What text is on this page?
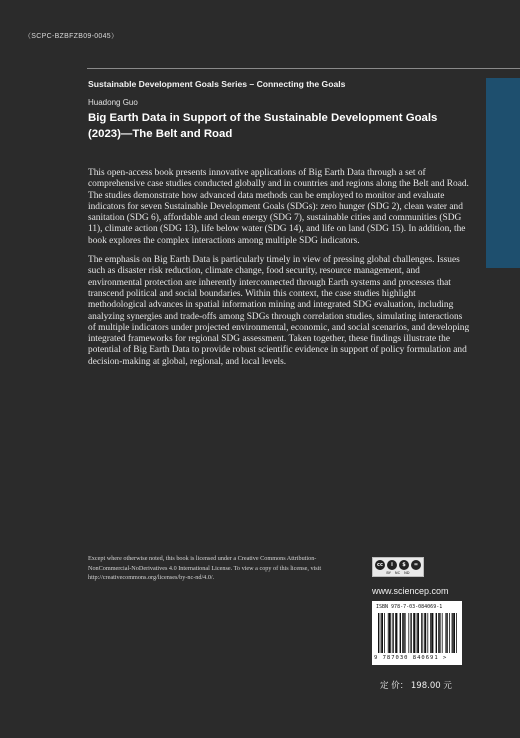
（SCPC-BZBFZB09-0045）
Sustainable Development Goals Series – Connecting the Goals
Huadong Guo
Big Earth Data in Support of the Sustainable Development Goals (2023)—The Belt and Road

This open-access book presents innovative applications of Big Earth Data through a set of comprehensive case studies conducted globally and in countries and regions along the Belt and Road. The studies demonstrate how advanced data methods can be employed to monitor and evaluate indicators for seven Sustainable Development Goals (SDGs): zero hunger (SDG 2), clean water and sanitation (SDG 6), affordable and clean energy (SDG 7), sustainable cities and communities (SDG 11), climate action (SDG 13), life below water (SDG 14), and life on land (SDG 15). In addition, the book explores the complex interactions among multiple SDG indicators.

The emphasis on Big Earth Data is particularly timely in view of pressing global challenges. Issues such as disaster risk reduction, climate change, food security, resource management, and environmental protection are inherently interconnected through Earth systems and processes that transcend political and social boundaries. Within this context, the case studies highlight methodological advances in spatial information mining and integrated SDG evaluation, including analyzing synergies and trade-offs among SDGs through correlation studies, simulating interactions of multiple indicators under projected environmental, economic, and social scenarios, and developing integrated frameworks for regional SDG assessment. Taken together, these findings illustrate the potential of Big Earth Data to provide robust scientific evidence in support of policy formulation and decision-making at global, regional, and local levels.

Except where otherwise noted, this book is licensed under a Creative Commons Attribution-NonCommercial-NoDerivatives 4.0 International License. To view a copy of this license, visit http://creativecommons.org/licenses/by-nc-nd/4.0/.
cc	i	$	=
BY NC ND
www.sciencep.com
ISBN 978-7-03-084069-1
9 787030 840691 >
定 价： 198.00 元
